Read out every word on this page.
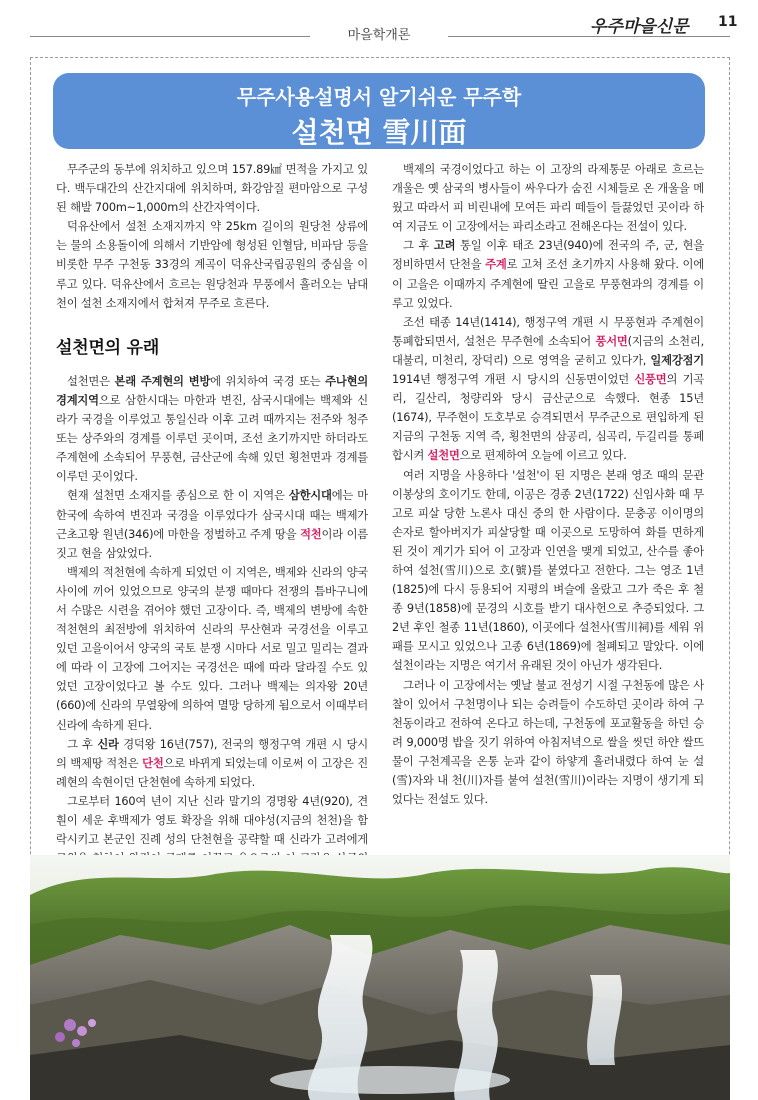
마을학개론	우주마을신문 11
무주사용설명서 알기쉬운 무주학
설천면 雪川面

무주군의 동부에 위치하고 있으며 157.89㎢ 면적을 가지고 있다. 백두대간의 산간지대에 위치하며, 화강암질 편마암으로 구성된 해발 700m~1,000m의 산간자역이다.

덕유산에서 설천 소재지까지 약 25km 길이의 원당천 상류에는 물의 소용돌이에 의해서 기반암에 형성된 인혈담, 비파담 등을 비롯한 무주 구천동 33경의 계곡이 덕유산국립공원의 중심을 이루고 있다. 덕유산에서 흐르는 원당천과 무풍에서 흘러오는 남대천이 설천 소재지에서 합쳐져 무주로 흐른다.

설천면의 유래

설천면은 본래 주계현의 변방에 위치하여 국경 또는 주나현의 경계지역으로 삼한시대는 마한과 변진, 삼국시대에는 백제와 신라가 국경을 이루었고 통일신라 이후 고려 때까지는 전주와 청주 또는 상주와의 경계를 이루던 곳이며, 조선 초기까지만 하더라도 주계현에 소속되어 무풍현, 금산군에 속해 있던 횡천면과 경계를 이루던 곳이었다.

현재 설천면 소재지를 종심으로 한 이 지역은 삼한시대에는 마한국에 속하여 변진과 국경을 이루었다가 삼국시대 때는 백제가 근초고왕 원년(346)에 마한을 정벌하고 주계 땅을 적천이라 이름 짓고 현을 삼았었다.

백제의 적천현에 속하게 되었던 이 지역은, 백제와 신라의 양국 사이에 끼어 있었으므로 양국의 분쟁 때마다 전쟁의 틈바구니에서 수많은 시련을 겪어야 했던 고장이다. 즉, 백제의 변방에 속한 적천현의 최전방에 위치하여 신라의 무산현과 국경선을 이루고 있던 고을이어서 양국의 국토 분쟁 시마다 서로 밀고 밀리는 결과에 따라 이 고장에 그어지는 국경선은 때에 따라 달라질 수도 있었던 고장이었다고 볼 수도 있다. 그러나 백제는 의자왕 20년(660)에 신라의 무열왕에 의하여 멸망 당하게 됨으로서 이때부터 신라에 속하게 된다.

그 후 신라 경덕왕 16년(757), 전국의 행정구역 개편 시 당시의 백제땅 적천은 단천으로 바뀌게 되었는데 이로써 이 고장은 진례현의 속현이던 단천현에 속하게 되었다.

그로부터 160여 년이 지난 신라 말기의 경명왕 4년(920), 견훤이 세운 후백제가 영토 확장을 위해 대야성(지금의 천천)을 함락시키고 본군인 진례 성의 단천현을 공략할 때 신라가 고려에게

백제의 국경이었다고 하는 이 고장의 라제통문 아래로 흐르는 개울은 옛 삼국의 병사들이 싸우다가 숨진 시체들로 온 개울을 메웠고 따라서 피 비린내에 모여든 파리 떼들이 들끓었던 곳이라 하여 지금도 이 고장에서는 파리소라고 전해온다는 전설이 있다.

그 후 고려 통일 이후 태조 23년(940)에 전국의 주, 군, 현을 정비하면서 단천을 주계로 고쳐 조선 초기까지 사용해 왔다. 이에 이 고을은 이때까지 주계현에 딸린 고을로 무풍현과의 경계를 이루고 있었다.

조선 태종 14년(1414), 행정구역 개편 시 무풍현과 주계현이 통폐합되면서, 설천은 무주현에 소속되어 풍서면(지금의 소천리, 대불리, 미천리, 장덕리) 으로 영역을 굳히고 있다가, 일제강점기 1914년 행정구역 개편 시 당시의 신동면이었던 신풍면의 기곡리, 길산리, 청량리와 당시 금산군으로 속했다. 현종 15년(1674), 무주현이 도호부로 승격되면서 무주군으로 편입하게 된 지금의 구천동 지역 즉, 횡천면의 삼공리, 심곡리, 두길리를 통폐합시켜 설천면으로 편제하여 오늘에 이르고 있다.

여러 지명을 사용하다 '설천'이 된 지명은 본래 영조 때의 문관 이봉상의 호이기도 한데, 이공은 경종 2년(1722) 신임사화 때 무고로 피살 당한 노론사 대신 중의 한 사람이다. 문충공 이이명의 손자로 할아버지가 피살당할 때 이곳으로 도망하여 화를 면하게 된 것이 계기가 되어 이 고장과 인연을 맺게 되었고, 산수를 좋아하여 설천(雪川)으로 호(號)를 붙였다고 전한다. 그는 영조 1년(1825)에 다시 등용되어 지평의 벼슬에 올랐고 그가 죽은 후 철종 9년(1858)에 문경의 시호를 받기 대사헌으로 추증되었다. 그 2년 후인 철종 11년(1860), 이곳에다 설천사(雪川祠)를 세워 위패를 모시고 있었으나 고종 6년(1869)에 철폐되고 말았다. 이에 설천이라는 지명은 여기서 유래된 것이 아닌가 생각된다.

그러나 이 고장에서는 옛날 불교 전성기 시절 구천동에 많은 사찰이 있어서 구천명이나 되는 승려들이 수도하던 곳이라 하여 구천동이라고 전하여 온다고 하는데, 구천동에 포교활동을 하던 승려 9,000명 밥을 짓기 위하여 아침저녁으로 쌀을 씻던 하얀 쌀뜨물이 구천계곡을 온통 눈과 같이 하얗게 흘러내렸다 하여 눈 설(雪)자와 내 천(川)자를 붙여 설천(雪川)이라는 지명이 생기게 되었다는 전설도 있다.
